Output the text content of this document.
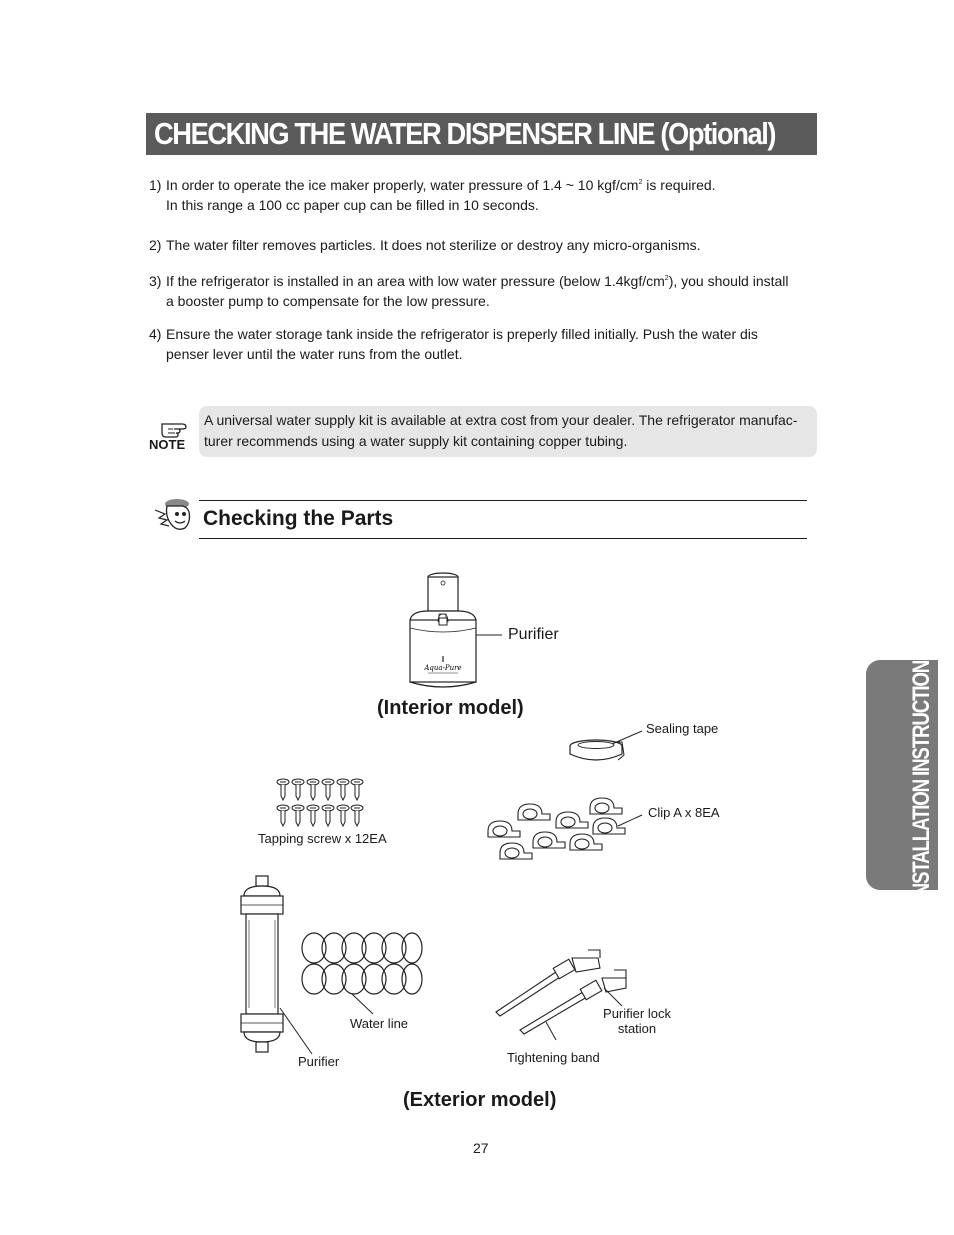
CHECKING THE WATER DISPENSER LINE (Optional)
1) In order to operate the ice maker properly, water pressure of 1.4 ~ 10 kgf/$cm^2$ is required.
In this range a 100 cc paper cup can be filled in 10 seconds.
2) The water filter removes particles. It does not sterilize or destroy any micro-organisms.
3) If the refrigerator is installed in an area with low water pressure (below $1.4kgf/cm^2$), you should install
a booster pump to compensate for the low pressure.
4) Ensure the water storage tank inside the refrigerator is preperly filled initially. Push the water dis
penser lever until the water runs from the outlet.
NOTE
A universal water supply kit is available at extra cost from your dealer. The refrigerator manufac-
turer recommends using a water supply kit containing copper tubing.
Checking the Parts
Aqua-Pure
Purifier
(Interior model)
Sealing tape
Clip A x 8EA
Tapping screw x 12EA
Purifier lock
station
Water line
Tightening band
Purifier
(Exterior model)
INSTALLATION INSTRUCTIONS
27
